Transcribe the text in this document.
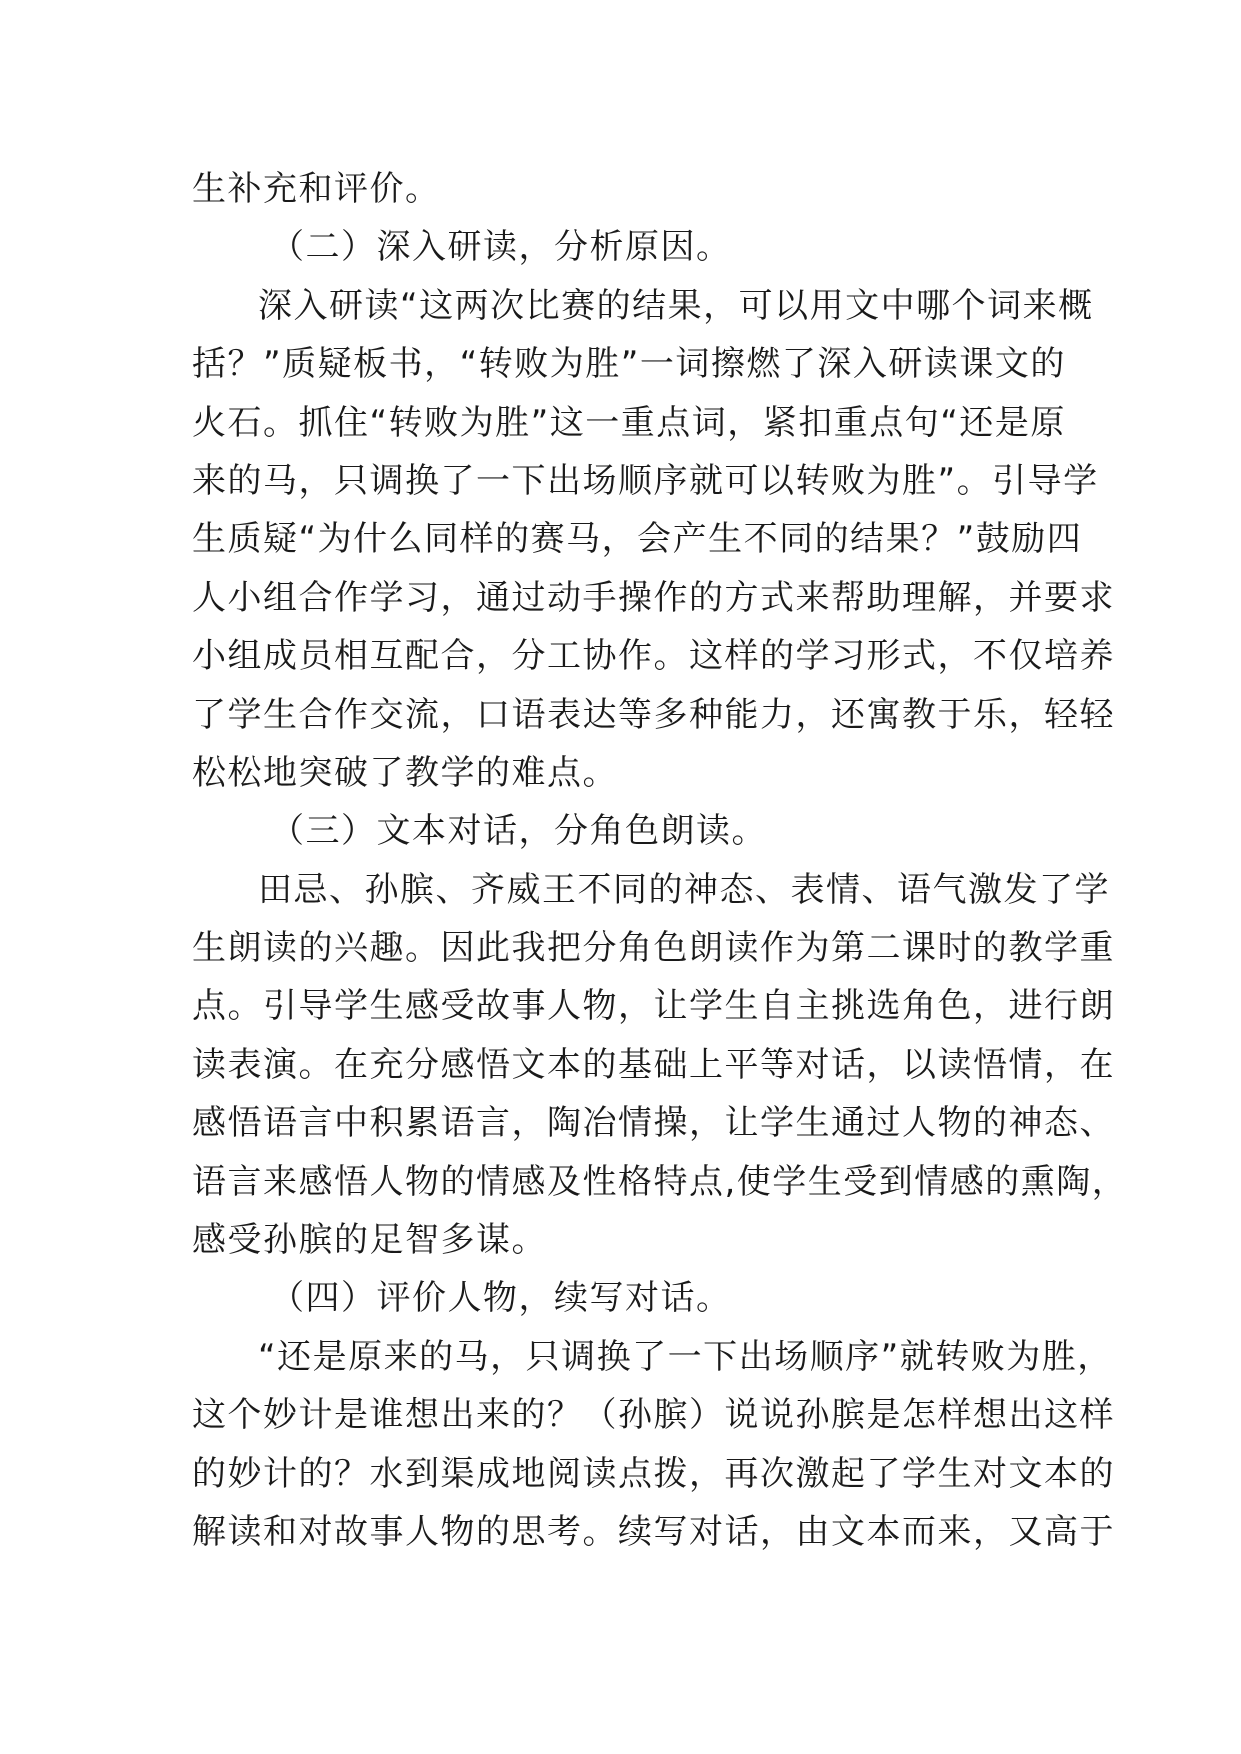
生补充和评价。
（二）深入研读，分析原因。
深入研读“这两次比赛的结果，可以用文中哪个词来概
括？”质疑板书，“转败为胜”一词擦燃了深入研读课文的
火石。抓住“转败为胜”这一重点词，紧扣重点句“还是原
来的马，只调换了一下出场顺序就可以转败为胜”。引导学
生质疑“为什么同样的赛马，会产生不同的结果？”鼓励四
人小组合作学习，通过动手操作的方式来帮助理解，并要求
小组成员相互配合，分工协作。这样的学习形式，不仅培养
了学生合作交流，口语表达等多种能力，还寓教于乐，轻轻
松松地突破了教学的难点。
（三）文本对话，分角色朗读。
田忌、孙膑、齐威王不同的神态、表情、语气激发了学
生朗读的兴趣。因此我把分角色朗读作为第二课时的教学重
点。引导学生感受故事人物，让学生自主挑选角色，进行朗
读表演。在充分感悟文本的基础上平等对话，以读悟情，在
感悟语言中积累语言，陶冶情操，让学生通过人物的神态、
语言来感悟人物的情感及性格特点,使学生受到情感的熏陶，
感受孙膑的足智多谋。
（四）评价人物，续写对话。
“还是原来的马，只调换了一下出场顺序”就转败为胜，
这个妙计是谁想出来的？（孙膑）说说孙膑是怎样想出这样
的妙计的？水到渠成地阅读点拨，再次激起了学生对文本的
解读和对故事人物的思考。续写对话，由文本而来，又高于
